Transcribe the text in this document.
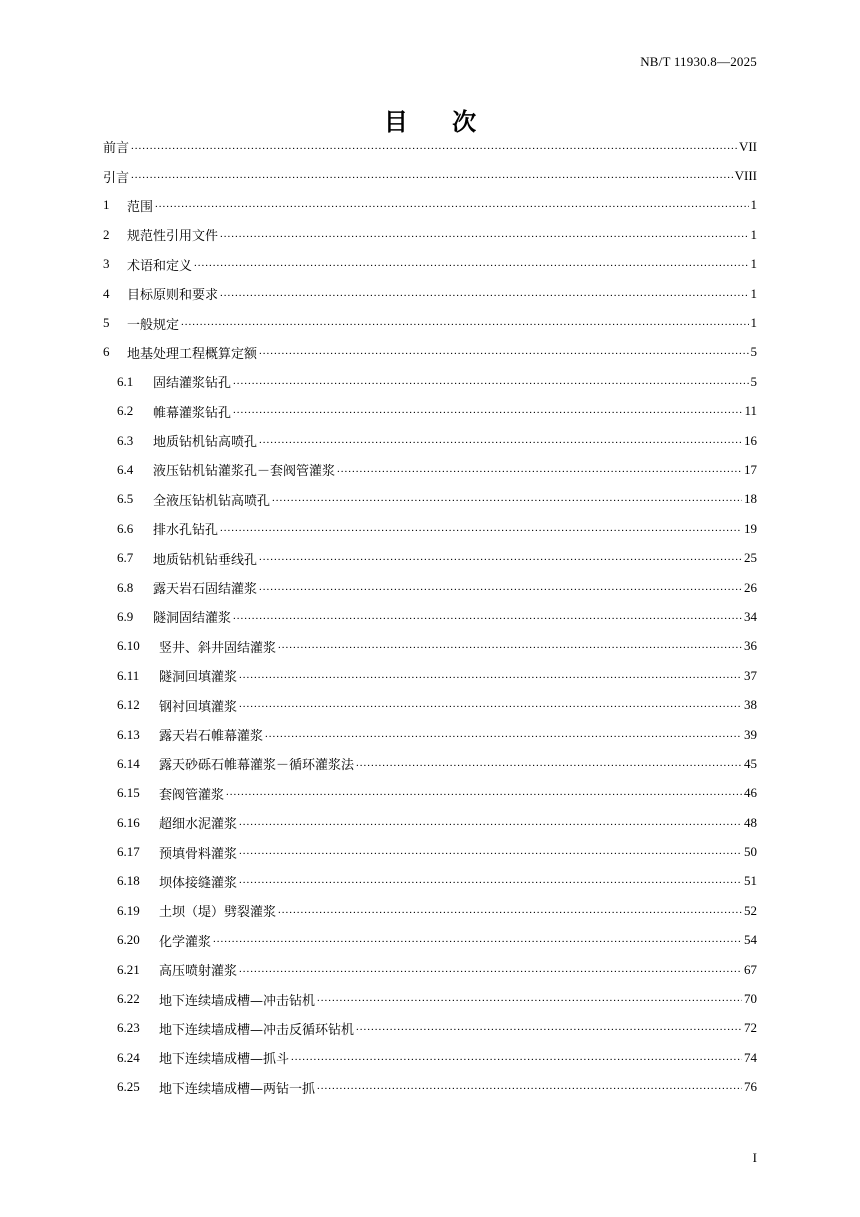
NB/T 11930.8—2025
目 次
前言 .....	VII
引言 .....	VIII
1	范围 .....	1
2	规范性引用文件 .....	1
3	术语和定义 .....	1
4	目标原则和要求 .....	1
5	一般规定 .....	1
6	地基处理工程概算定额 .....	5
6.1	固结灌浆钻孔 .....	5
6.2	帷幕灌浆钻孔 .....	11
6.3	地质钻机钻高喷孔 .....	16
6.4	液压钻机钻灌浆孔－套阀管灌浆 .....	17
6.5	全液压钻机钻高喷孔 .....	18
6.6	排水孔钻孔 .....	19
6.7	地质钻机钻垂线孔 .....	25
6.8	露天岩石固结灌浆 .....	26
6.9	隧洞固结灌浆 .....	34
6.10	竖井、斜井固结灌浆 .....	36
6.11	隧洞回填灌浆 .....	37
6.12	钢衬回填灌浆 .....	38
6.13	露天岩石帷幕灌浆 .....	39
6.14	露天砂砾石帷幕灌浆－循环灌浆法 .....	45
6.15	套阀管灌浆 .....	46
6.16	超细水泥灌浆 .....	48
6.17	预填骨料灌浆 .....	50
6.18	坝体接缝灌浆 .....	51
6.19	土坝（堤）劈裂灌浆 .....	52
6.20	化学灌浆 .....	54
6.21	高压喷射灌浆 .....	67
6.22	地下连续墙成槽—冲击钻机 .....	70
6.23	地下连续墙成槽—冲击反循环钻机 .....	72
6.24	地下连续墙成槽—抓斗 .....	74
6.25	地下连续墙成槽—两钻一抓 .....	76
I
